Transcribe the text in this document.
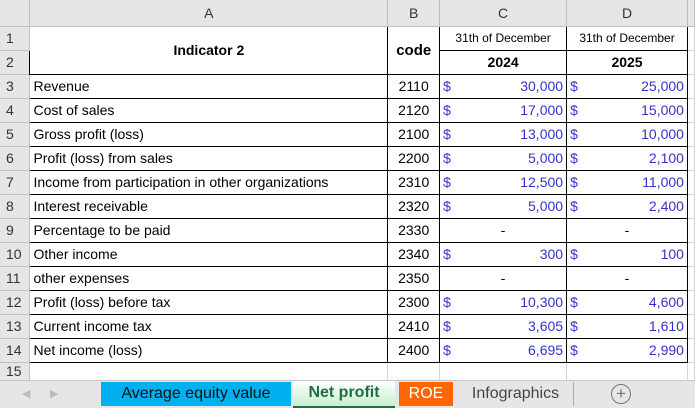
	A	B	C	D	
1	Indicator 2	code	31th of December	31th of December	
2			2024	2025	
3	Revenue	2110	$ 30,000	$ 25,000	

4	Cost of sales	2120	$ 17,000	$ 15,000	

5	Gross profit (loss)	2100	$ 13,000	$ 10,000	

6	Profit (loss) from sales	2200	$ 5,000	$ 2,100	

7	Income from participation in other organizations	2310	$ 12,500	$ 11,000	

8	Interest receivable	2320	$ 5,000	$ 2,400	

9	Percentage to be paid	2330	-	-	
10	Other income	2340	$ 300	$ 100	

11	other expenses	2350	-	-	
12	Profit (loss) before tax	2300	$ 10,300	$ 4,600	

13	Current income tax	2410	$ 3,605	$ 1,610	

14	Net income (loss)	2400	$ 6,695	$ 2,990	

15					
◀ ▶	Average equity value	Net profit	ROE	Infographics	+
